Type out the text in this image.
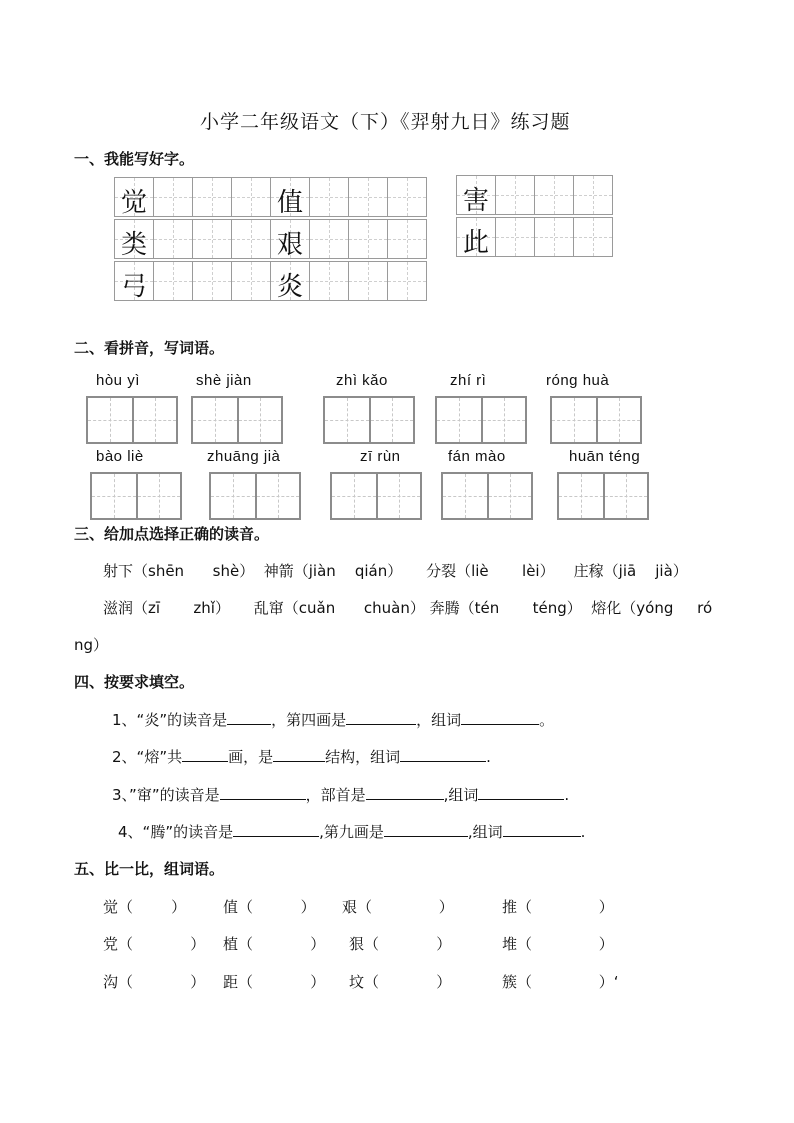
小学二年级语文（下）《羿射九日》练习题
一、我能写好字。
觉	值
类	艰
弓	炎
害
此
二、看拼音，写词语。
hòu yì	shè jiàn	zhì kǎo	zhí rì	róng huà
bào liè	zhuāng jià	zī rùn	fán mào	huān téng
三、给加点选择正确的读音。
射下（shēn      shè）  神箭（jiàn    qián）     分裂（liè       lèi）    庄稼（jiā    jià）
滋润（zī       zhǐ）     乱窜（cuǎn      chuàn） 奔腾（tén       téng）  熔化（yóng     ró
ng）
四、按要求填空。
1、“炎”的读音是	，第四画是	，组词	。
2、“熔”共	画，是	结构，组词	.
3、”窜”的读音是	，部首是	,组词	.
4、“腾”的读音是	,第九画是	,组词	.
五、比一比，组词语。
觉（        ） 值（          ） 艰（              ）	推（              ）
党（            ） 植（            ） 狠（            ）	堆（              ）
沟（            ） 距（            ） 坟（            ）	簇（              ）‘
